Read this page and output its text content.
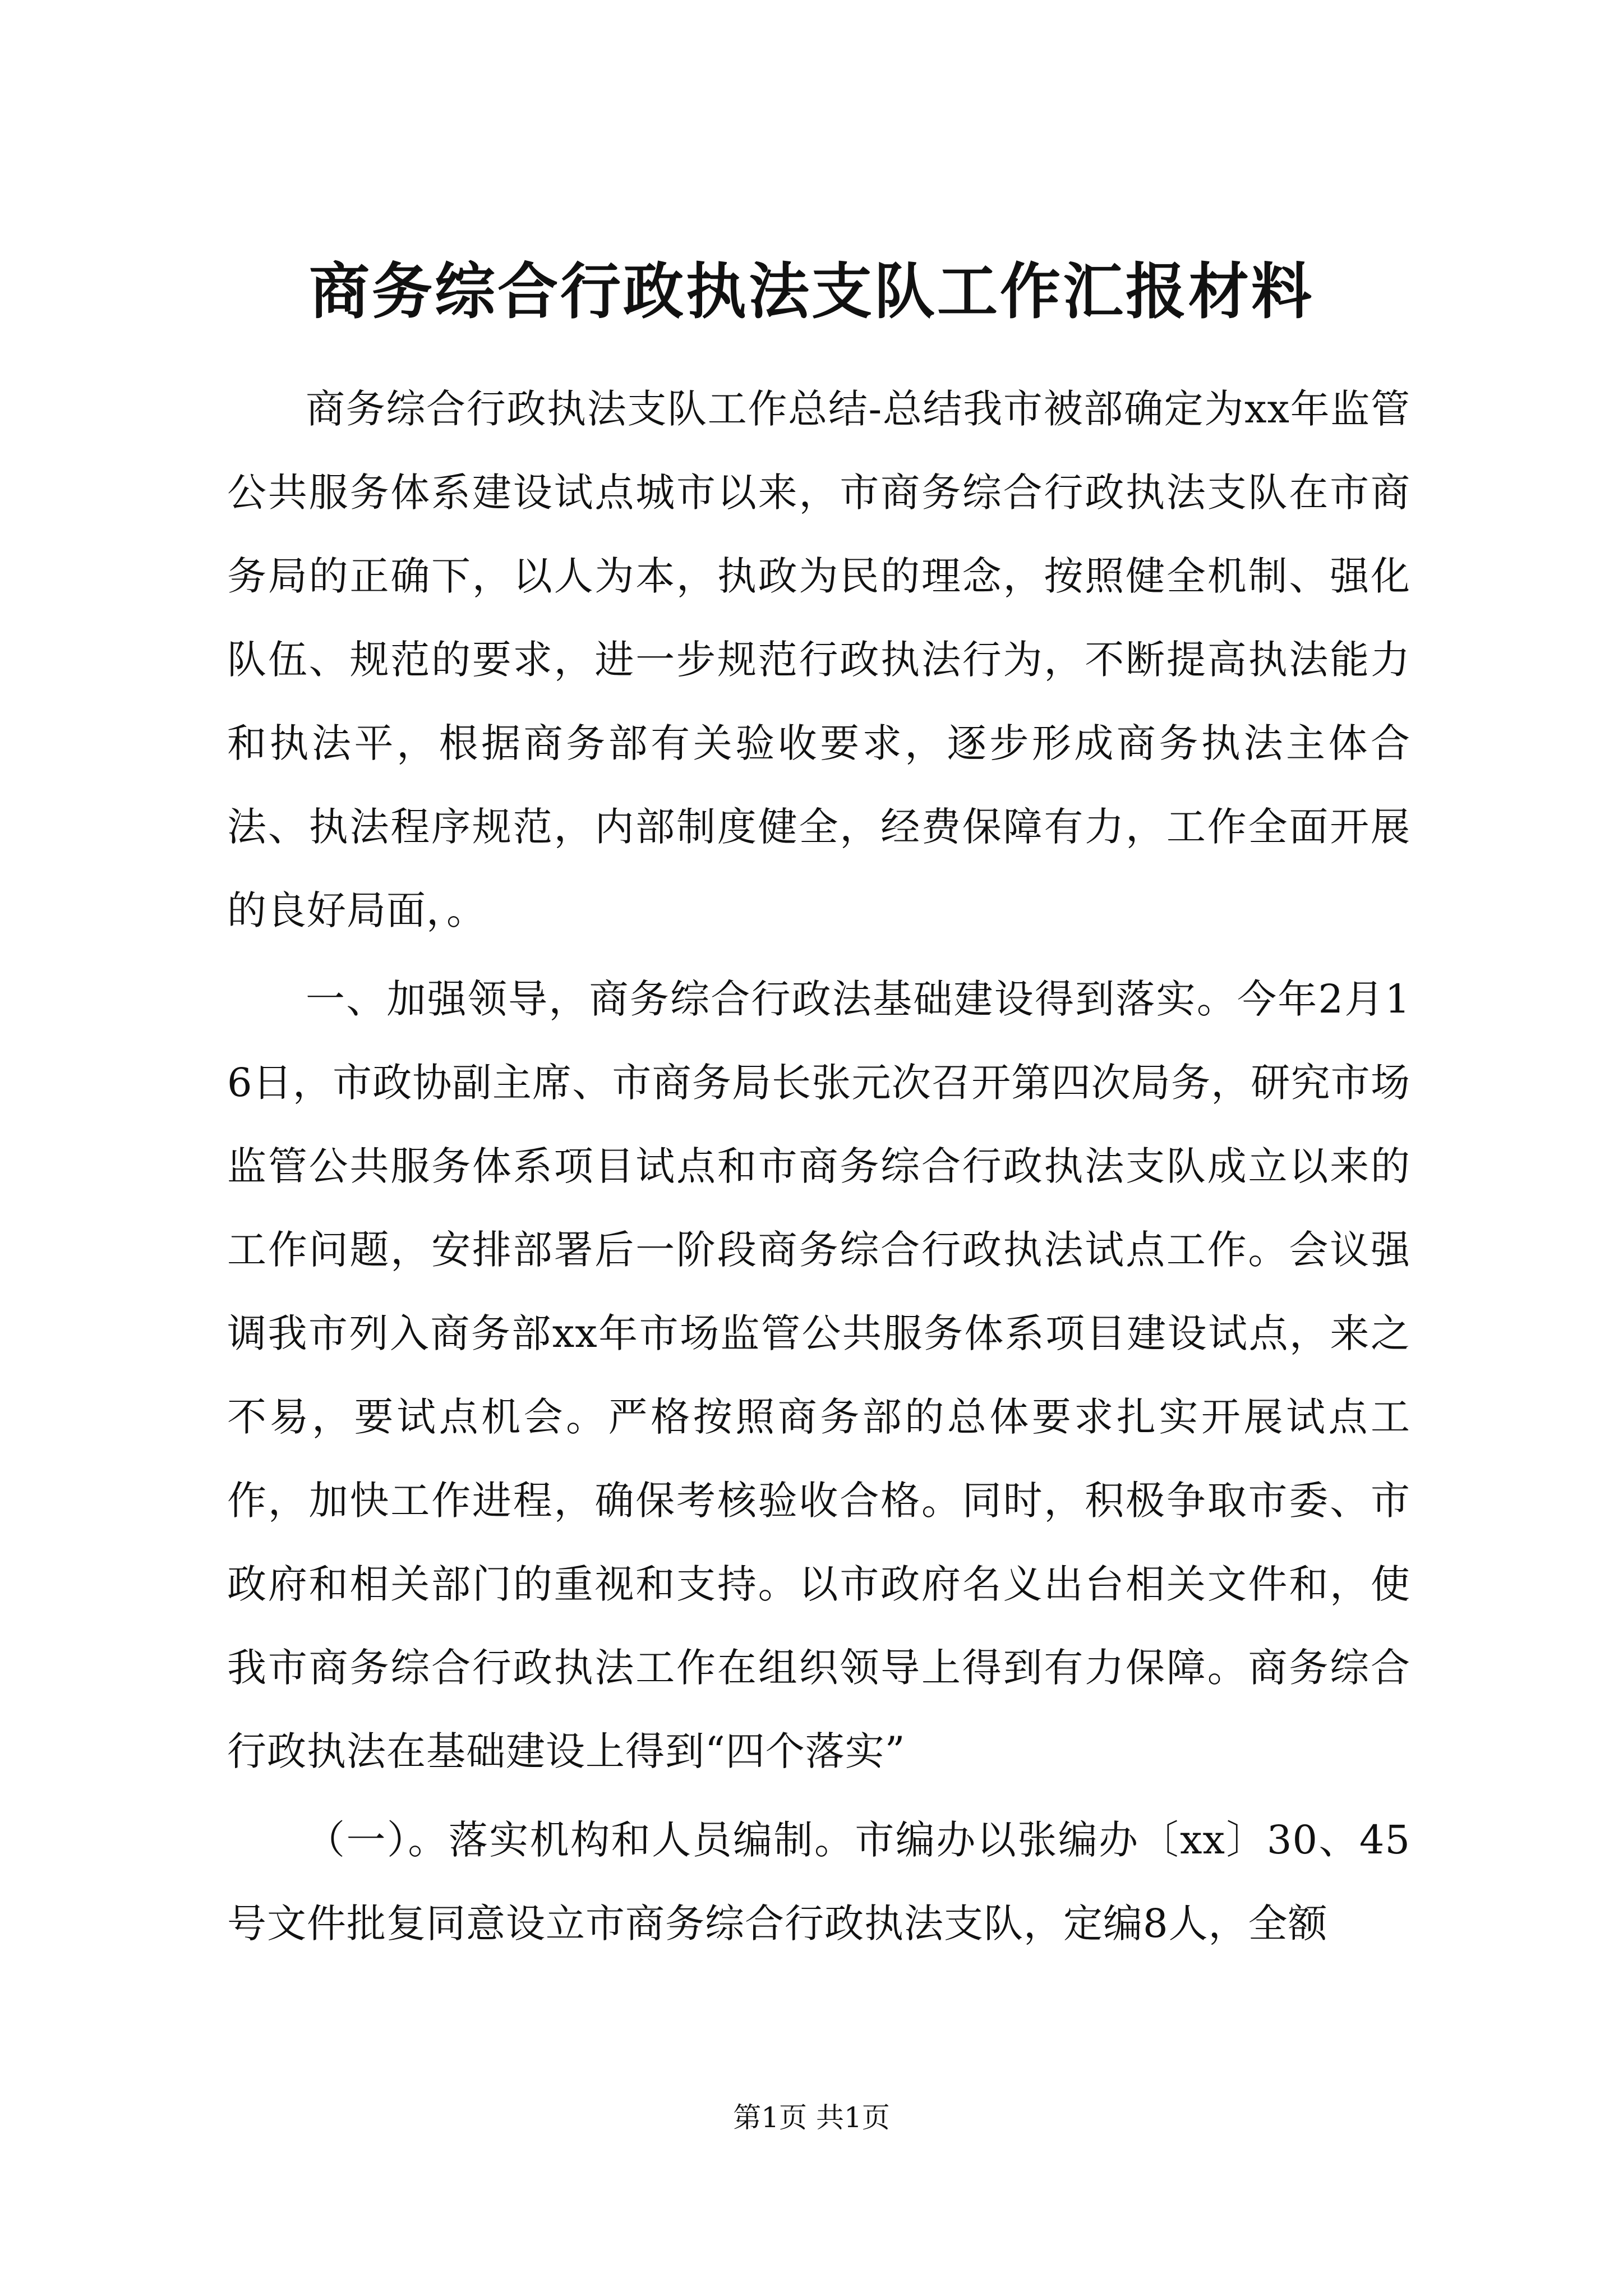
商务综合行政执法支队工作汇报材料

商务综合行政执法支队工作总结-总结我市被部确定为xx年监管公共服务体系建设试点城市以来，市商务综合行政执法支队在市商务局的正确下，以人为本，执政为民的理念，按照健全机制、强化队伍、规范的要求，进一步规范行政执法行为，不断提高执法能力和执法平，根据商务部有关验收要求，逐步形成商务执法主体合法、执法程序规范，内部制度健全，经费保障有力，工作全面开展的良好局面，。

一、加强领导，商务综合行政法基础建设得到落实。今年2月16日，市政协副主席、市商务局长张元次召开第四次局务，研究市场监管公共服务体系项目试点和市商务综合行政执法支队成立以来的工作问题，安排部署后一阶段商务综合行政执法试点工作。会议强调我市列入商务部xx年市场监管公共服务体系项目建设试点，来之不易，要试点机会。严格按照商务部的总体要求扎实开展试点工作，加快工作进程，确保考核验收合格。同时，积极争取市委、市政府和相关部门的重视和支持。以市政府名义出台相关文件和，使我市商务综合行政执法工作在组织领导上得到有力保障。商务综合行政执法在基础建设上得到“四个落实”

（一）。落实机构和人员编制。市编办以张编办〔xx〕30、45号文件批复同意设立市商务综合行政执法支队，定编8人，全额

第1页 共1页
